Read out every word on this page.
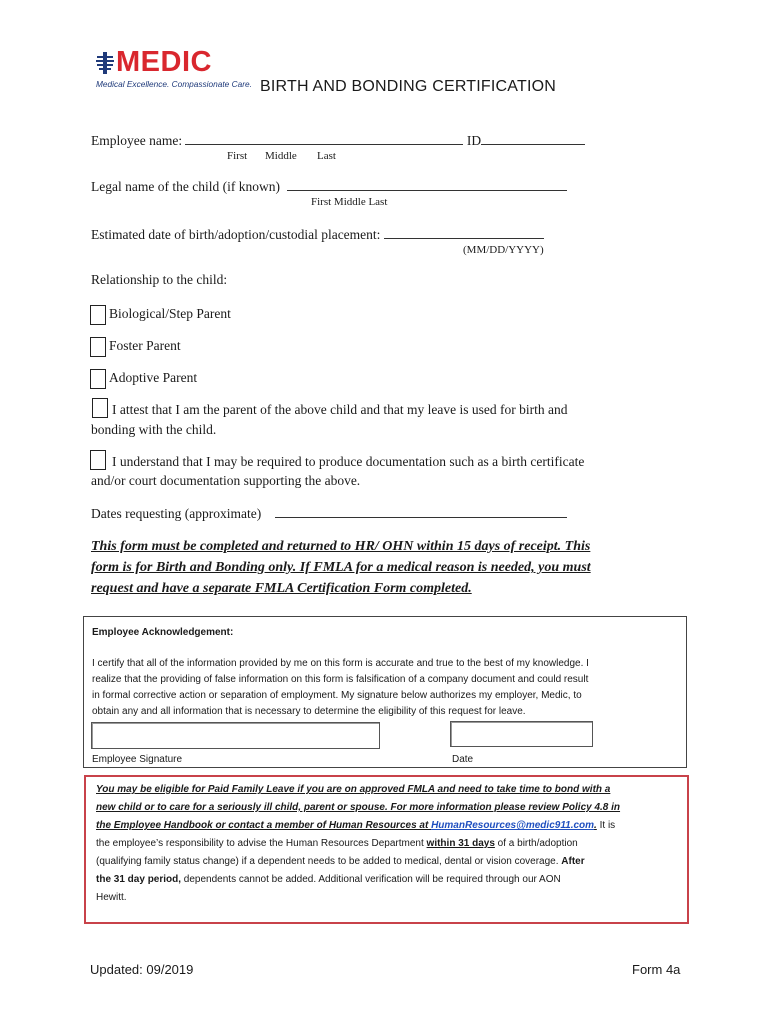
MEDIC
Medical Excellence. Compassionate Care. BIRTH AND BONDING CERTIFICATION
Employee name:	ID
First Middle Last
Legal name of the child (if known)
First Middle Last
Estimated date of birth/adoption/custodial placement:
(MM/DD/YYYY)
Relationship to the child:
Biological/Step Parent
Foster Parent
Adoptive Parent
I attest that I am the parent of the above child and that my leave is used for birth and
bonding with the child.
I understand that I may be required to produce documentation such as a birth certificate
and/or court documentation supporting the above.
Dates requesting (approximate)
This form must be completed and returned to HR/ OHN within 15 days of receipt. This
form is for Birth and Bonding only. If FMLA for a medical reason is needed, you must
request and have a separate FMLA Certification Form completed.
Employee Acknowledgement:
I certify that all of the information provided by me on this form is accurate and true to the best of my knowledge. I
realize that the providing of false information on this form is falsification of a company document and could result
in formal corrective action or separation of employment. My signature below authorizes my employer, Medic, to
obtain any and all information that is necessary to determine the eligibility of this request for leave.
Employee Signature	Date
You may be eligible for Paid Family Leave if you are on approved FMLA and need to take time to bond with a
new child or to care for a seriously ill child, parent or spouse. For more information please review Policy 4.8 in
the Employee Handbook or contact a member of Human Resources at HumanResources@medic911.com. It is
the employee’s responsibility to advise the Human Resources Department within 31 days of a birth/adoption
(qualifying family status change) if a dependent needs to be added to medical, dental or vision coverage. After
the 31 day period, dependents cannot be added. Additional verification will be required through our AON
Hewitt.
Updated: 09/2019	Form 4a
